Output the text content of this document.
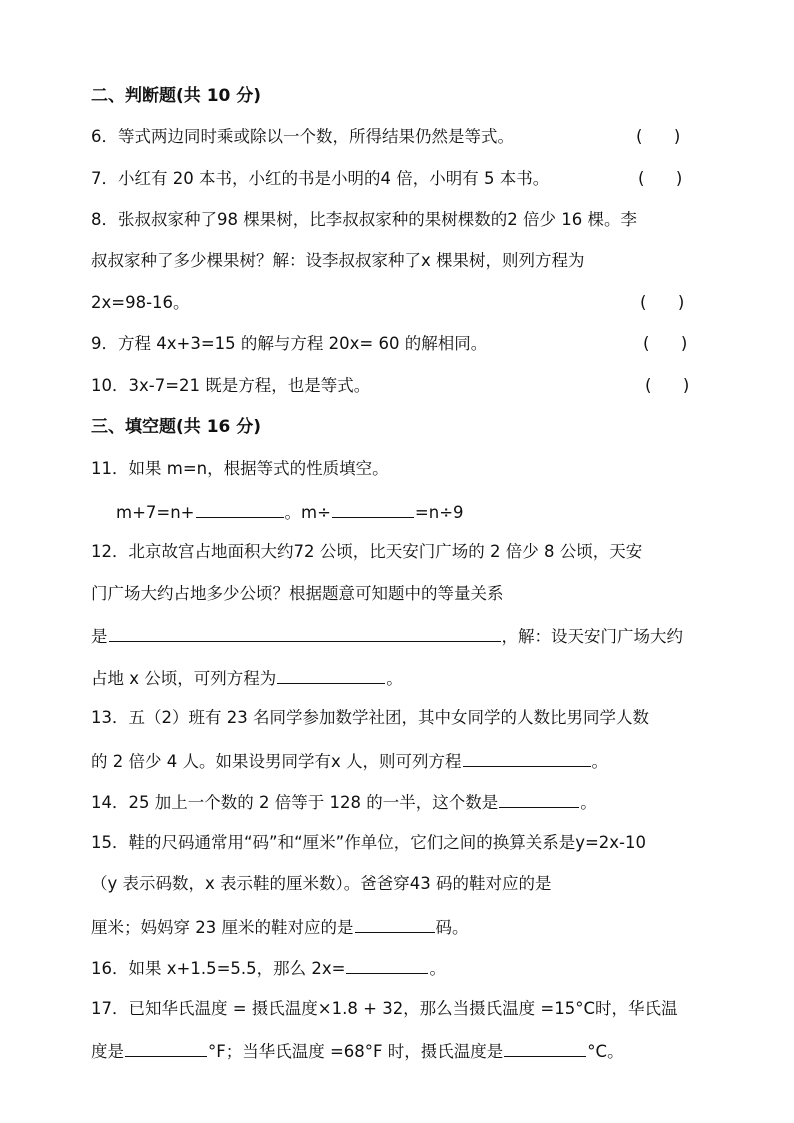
二、判断题(共 10 分)
6．等式两边同时乘或除以一个数，所得结果仍然是等式。	(      )
7．小红有 20 本书，小红的书是小明的4 倍，小明有 5 本书。	(      )
8．张叔叔家种了98 棵果树，比李叔叔家种的果树棵数的2 倍少 16 棵。李
叔叔家种了多少棵果树？解：设李叔叔家种了x 棵果树，则列方程为
2x=98-16。	(      )
9．方程 4x+3=15 的解与方程 20x= 60 的解相同。	(      )
10．3x-7=21 既是方程，也是等式。	(      )
三、填空题(共 16 分)
11．如果 m=n，根据等式的性质填空。
m+7=n+	。m÷	=n÷9
12．北京故宫占地面积大约72 公顷，比天安门广场的 2 倍少 8 公顷，天安
门广场大约占地多少公顷？根据题意可知题中的等量关系
是	，解：设天安门广场大约
占地 x 公顷，可列方程为	。
13．五（2）班有 23 名同学参加数学社团，其中女同学的人数比男同学人数
的 2 倍少 4 人。如果设男同学有x 人，则可列方程	。
14．25 加上一个数的 2 倍等于 128 的一半，这个数是	。
15．鞋的尺码通常用“码”和“厘米”作单位，它们之间的换算关系是y=2x-10
（y 表示码数，x 表示鞋的厘米数）。爸爸穿43 码的鞋对应的是
厘米；妈妈穿 23 厘米的鞋对应的是	码。
16．如果 x+1.5=5.5，那么 2x=	。
17．已知华氏温度 = 摄氏温度×1.8 + 32，那么当摄氏温度 =15°C时，华氏温
度是	°F；当华氏温度 =68°F 时，摄氏温度是	°C。
